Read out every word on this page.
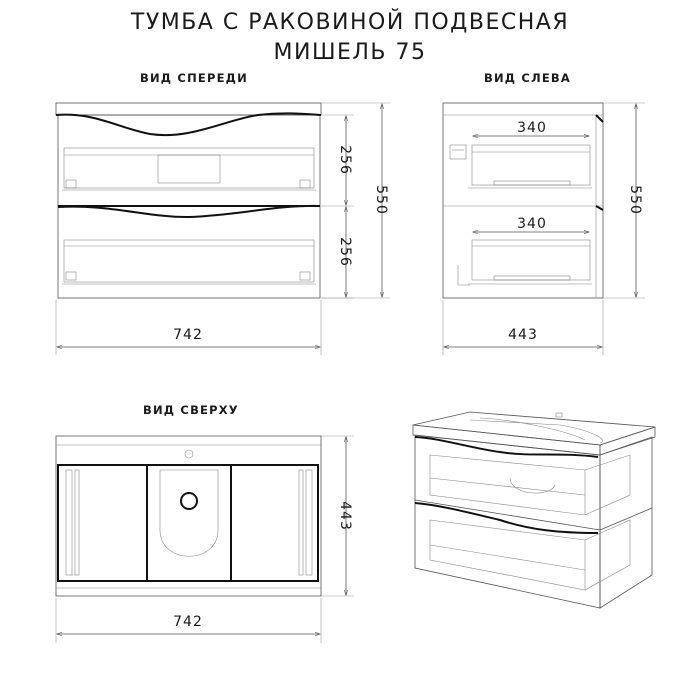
ТУМБА С РАКОВИНОЙ ПОДВЕСНАЯ
МИШЕЛЬ 75
ВИД СПЕРЕДИ	ВИД СЛЕВА
ВИД СВЕРХУ
256
256
550
742
340
340
550
443
443
742
